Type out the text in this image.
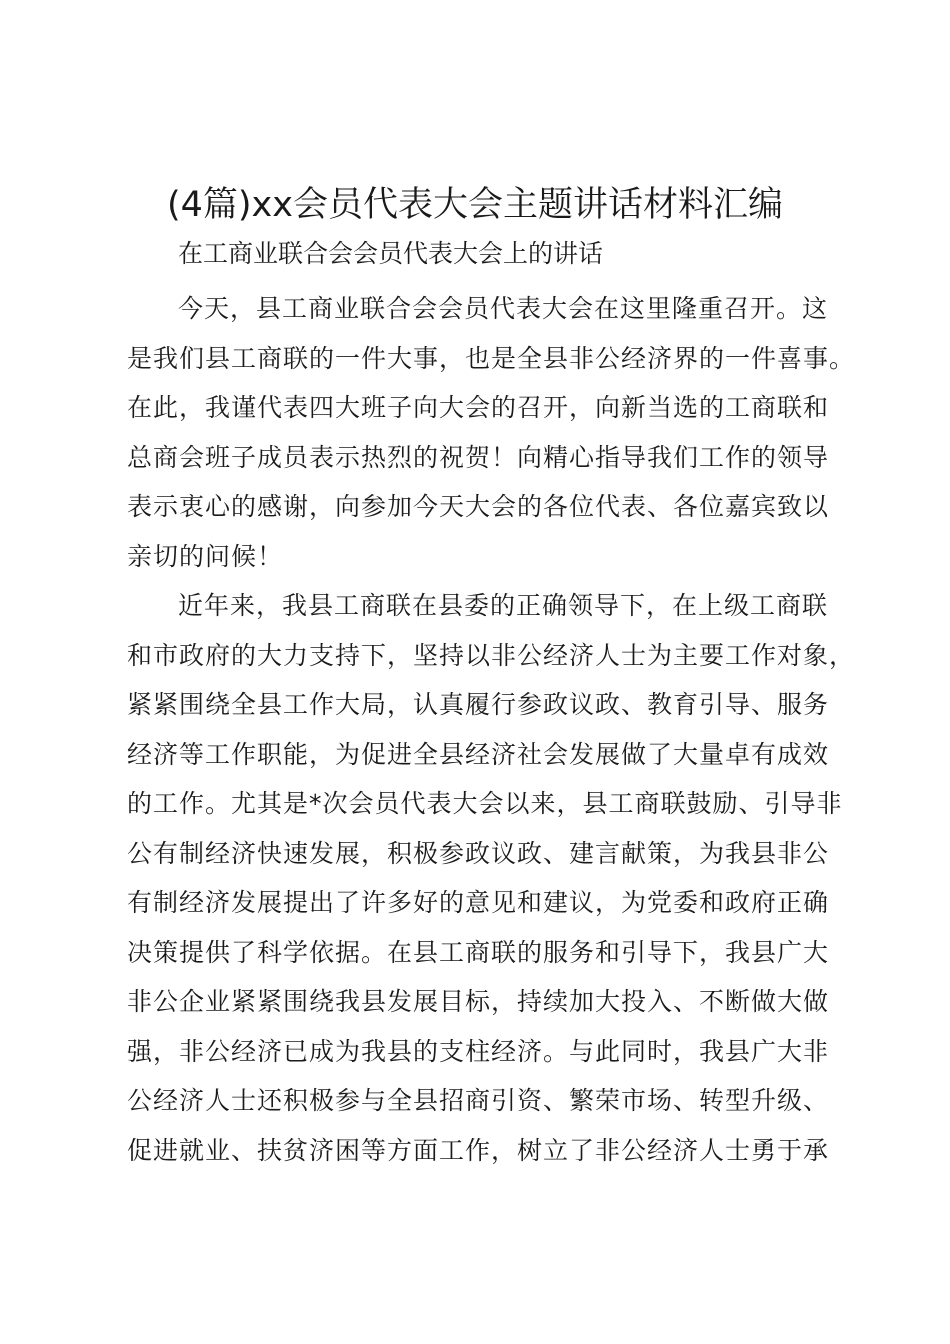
(4篇)xx会员代表大会主题讲话材料汇编
在工商业联合会会员代表大会上的讲话
今天，县工商业联合会会员代表大会在这里隆重召开。这
是我们县工商联的一件大事，也是全县非公经济界的一件喜事。
在此，我谨代表四大班子向大会的召开，向新当选的工商联和
总商会班子成员表示热烈的祝贺！向精心指导我们工作的领导
表示衷心的感谢，向参加今天大会的各位代表、各位嘉宾致以
亲切的问候！
近年来，我县工商联在县委的正确领导下，在上级工商联
和市政府的大力支持下，坚持以非公经济人士为主要工作对象，
紧紧围绕全县工作大局，认真履行参政议政、教育引导、服务
经济等工作职能，为促进全县经济社会发展做了大量卓有成效
的工作。尤其是*次会员代表大会以来，县工商联鼓励、引导非
公有制经济快速发展，积极参政议政、建言献策，为我县非公
有制经济发展提出了许多好的意见和建议，为党委和政府正确
决策提供了科学依据。在县工商联的服务和引导下，我县广大
非公企业紧紧围绕我县发展目标，持续加大投入、不断做大做
强，非公经济已成为我县的支柱经济。与此同时，我县广大非
公经济人士还积极参与全县招商引资、繁荣市场、转型升级、
促进就业、扶贫济困等方面工作，树立了非公经济人士勇于承
